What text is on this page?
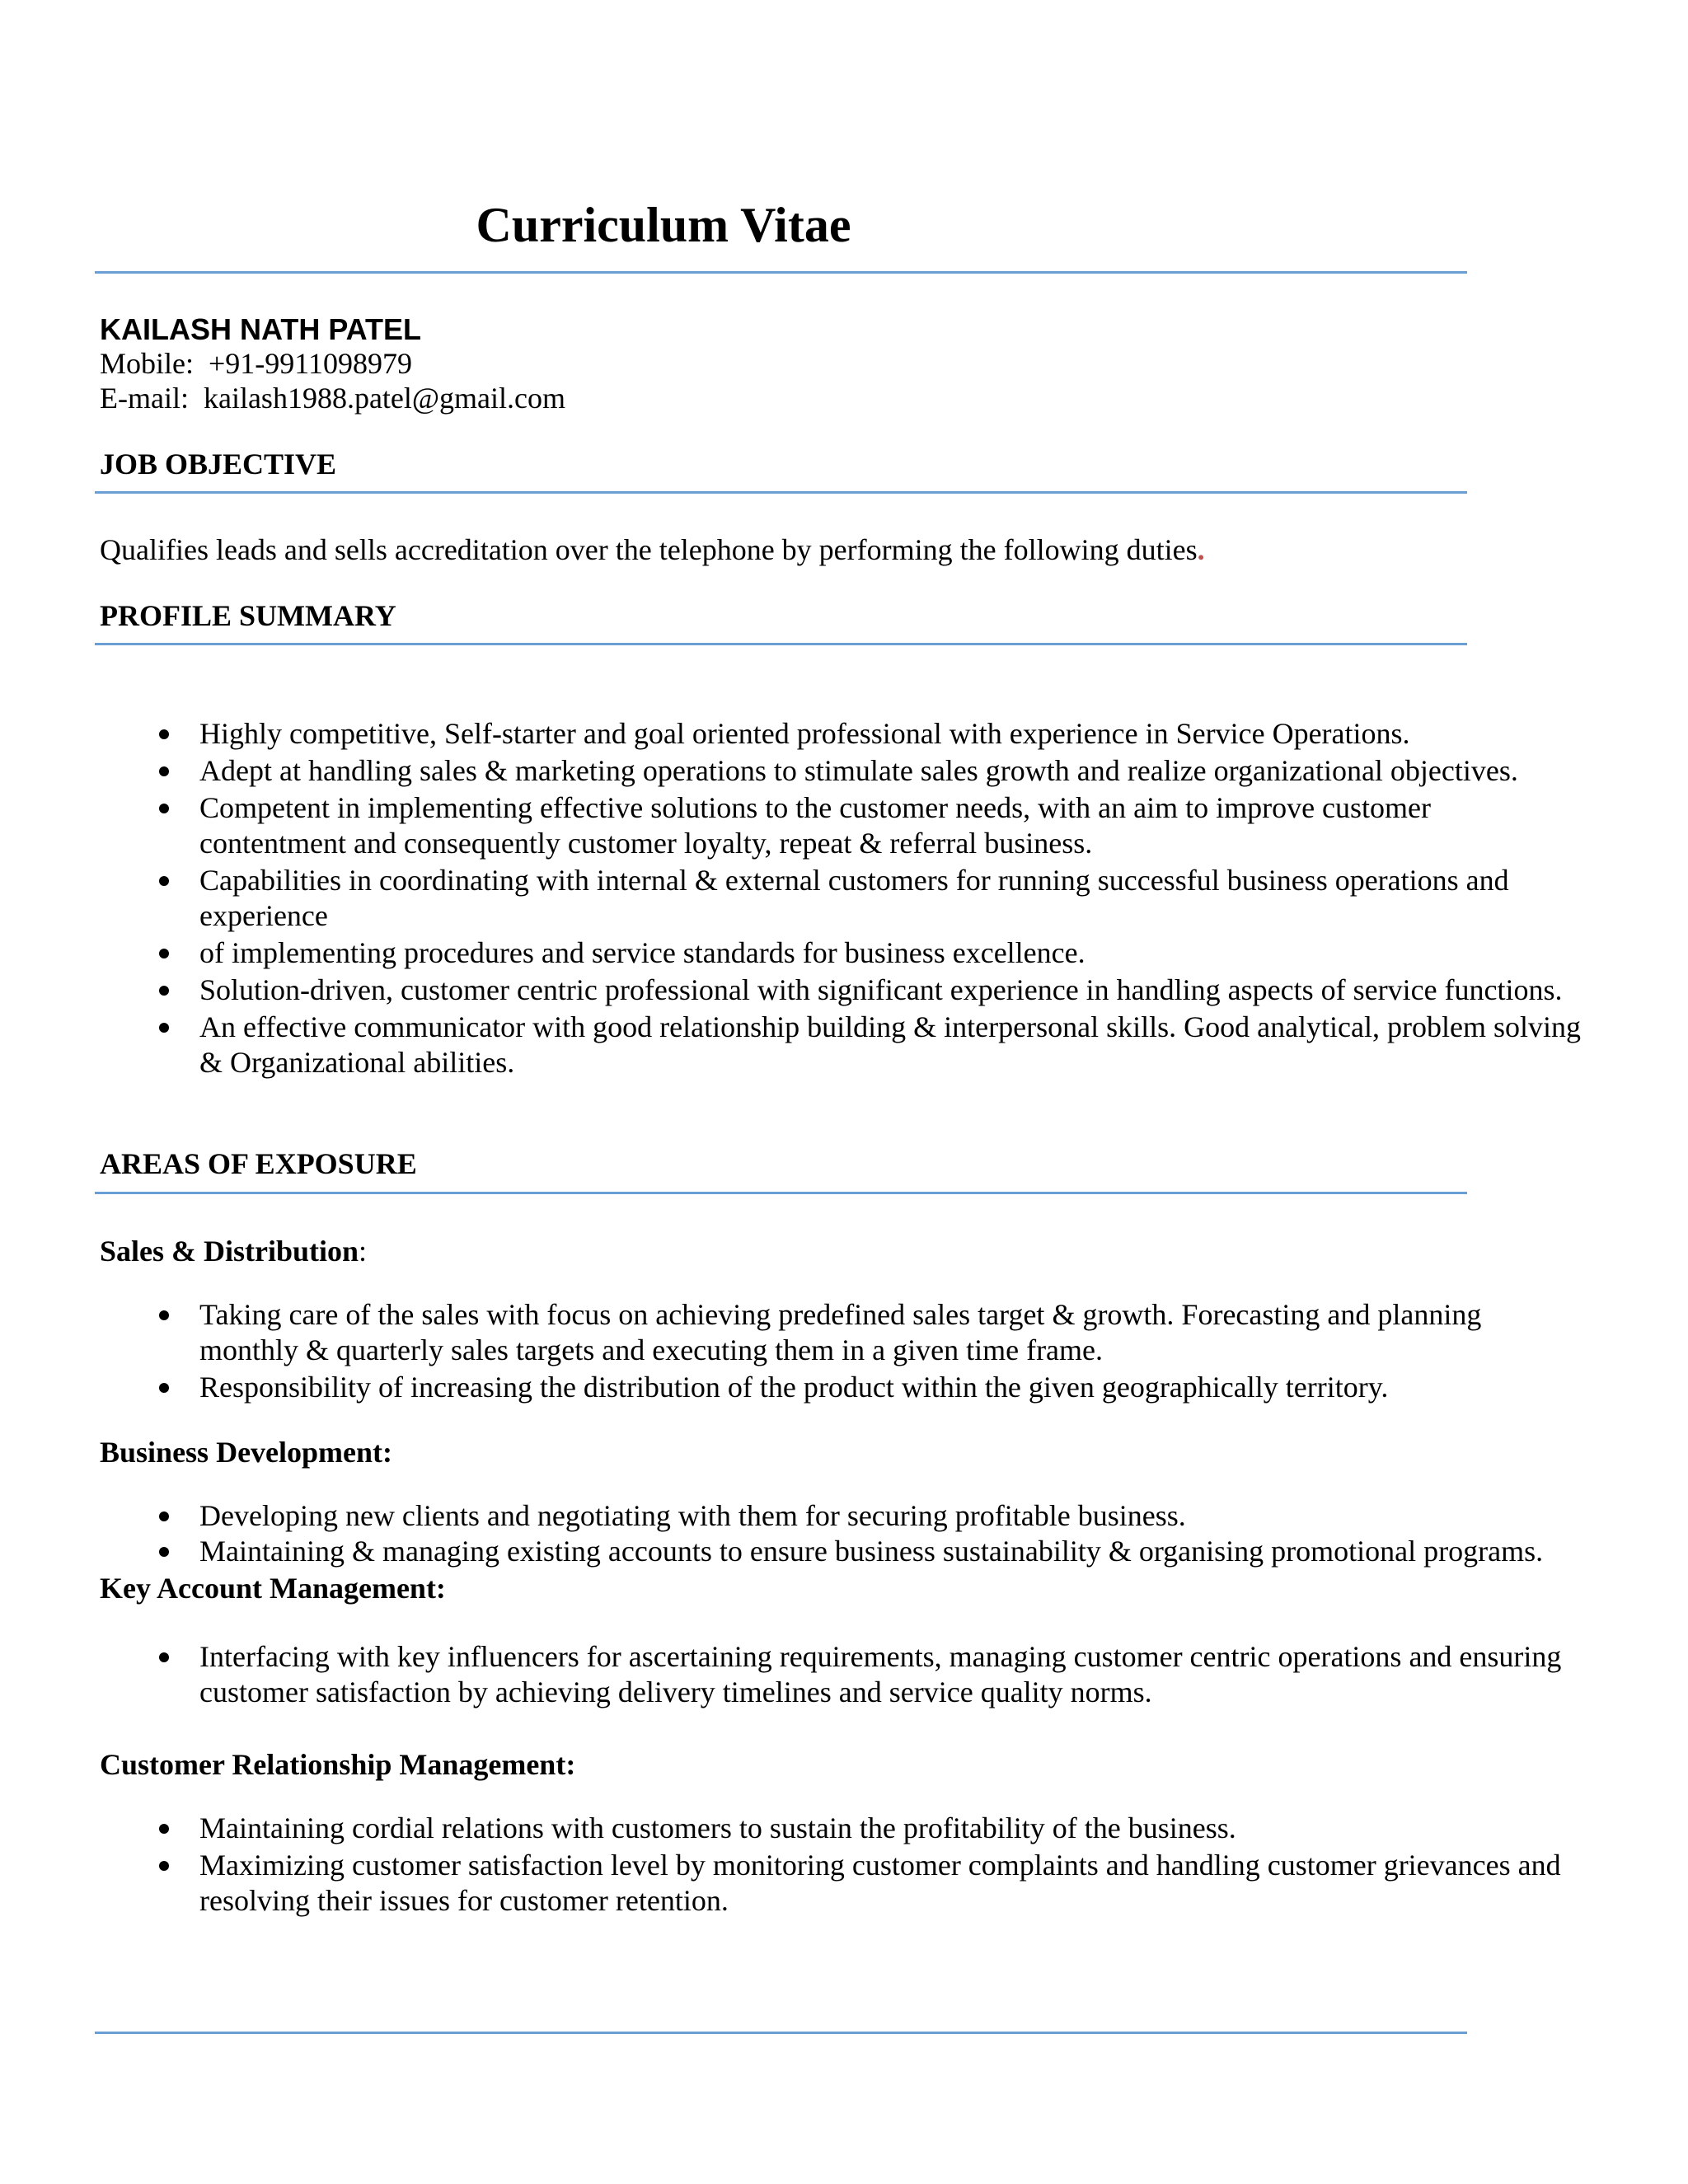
Curriculum Vitae
KAILASH NATH PATEL
Mobile: +91-9911098979
E-mail: kailash1988.patel@gmail.com
JOB OBJECTIVE
Qualifies leads and sells accreditation over the telephone by performing the following duties.
PROFILE SUMMARY
Highly competitive, Self-starter and goal oriented professional with experience in Service Operations.
Adept at handling sales & marketing operations to stimulate sales growth and realize organizational objectives.
Competent in implementing effective solutions to the customer needs, with an aim to improve customer contentment and consequently customer loyalty, repeat & referral business.
Capabilities in coordinating with internal & external customers for running successful business operations and experience
of implementing procedures and service standards for business excellence.
Solution-driven, customer centric professional with significant experience in handling aspects of service functions.
An effective communicator with good relationship building & interpersonal skills. Good analytical, problem solving & Organizational abilities.
AREAS OF EXPOSURE
Sales & Distribution:
Taking care of the sales with focus on achieving predefined sales target & growth. Forecasting and planning monthly & quarterly sales targets and executing them in a given time frame.
Responsibility of increasing the distribution of the product within the given geographically territory.
Business Development:
Developing new clients and negotiating with them for securing profitable business.
Maintaining & managing existing accounts to ensure business sustainability & organising promotional programs.
Key Account Management:
Interfacing with key influencers for ascertaining requirements, managing customer centric operations and ensuring customer satisfaction by achieving delivery timelines and service quality norms.
Customer Relationship Management:
Maintaining cordial relations with customers to sustain the profitability of the business.
Maximizing customer satisfaction level by monitoring customer complaints and handling customer grievances and resolving their issues for customer retention.
